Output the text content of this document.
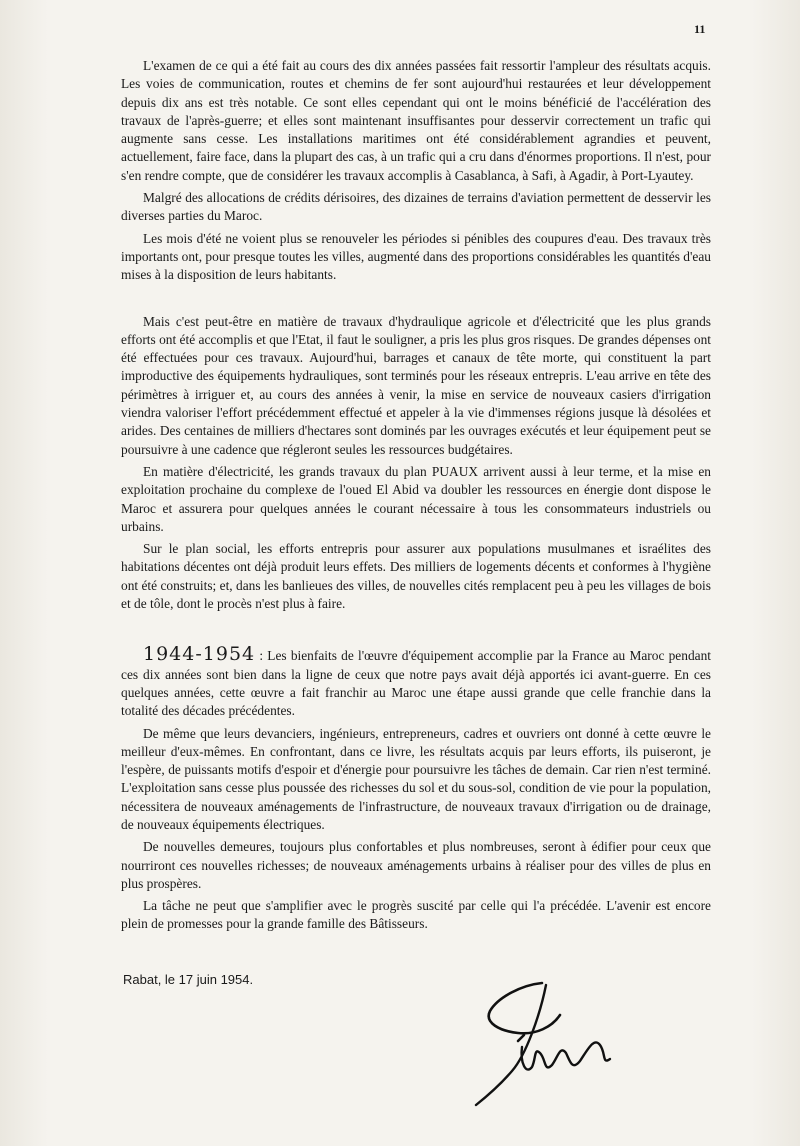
11

L'examen de ce qui a été fait au cours des dix années passées fait ressortir l'ampleur des résultats acquis. Les voies de communication, routes et chemins de fer sont aujourd'hui restaurées et leur développement depuis dix ans est très notable. Ce sont elles cependant qui ont le moins bénéficié de l'accélération des travaux de l'après-guerre; et elles sont maintenant insuffisantes pour desservir correctement un trafic qui augmente sans cesse. Les installations maritimes ont été considérablement agrandies et peuvent, actuellement, faire face, dans la plupart des cas, à un trafic qui a cru dans d'énormes proportions. Il n'est, pour s'en rendre compte, que de considérer les travaux accomplis à Casablanca, à Safi, à Agadir, à Port-Lyautey.

Malgré des allocations de crédits dérisoires, des dizaines de terrains d'aviation permettent de desservir les diverses parties du Maroc.

Les mois d'été ne voient plus se renouveler les périodes si pénibles des coupures d'eau. Des travaux très importants ont, pour presque toutes les villes, augmenté dans des proportions considérables les quantités d'eau mises à la disposition de leurs habitants.

Mais c'est peut-être en matière de travaux d'hydraulique agricole et d'électricité que les plus grands efforts ont été accomplis et que l'Etat, il faut le souligner, a pris les plus gros risques. De grandes dépenses ont été effectuées pour ces travaux. Aujourd'hui, barrages et canaux de tête morte, qui constituent la part improductive des équipements hydrauliques, sont terminés pour les réseaux entrepris. L'eau arrive en tête des périmètres à irriguer et, au cours des années à venir, la mise en service de nouveaux casiers d'irrigation viendra valoriser l'effort précédemment effectué et appeler à la vie d'immenses régions jusque là désolées et arides. Des centaines de milliers d'hectares sont dominés par les ouvrages exécutés et leur équipement peut se poursuivre à une cadence que régleront seules les ressources budgétaires.

En matière d'électricité, les grands travaux du plan PUAUX arrivent aussi à leur terme, et la mise en exploitation prochaine du complexe de l'oued El Abid va doubler les ressources en énergie dont dispose le Maroc et assurera pour quelques années le courant nécessaire à tous les consommateurs industriels ou urbains.

Sur le plan social, les efforts entrepris pour assurer aux populations musulmanes et israélites des habitations décentes ont déjà produit leurs effets. Des milliers de logements décents et conformes à l'hygiène ont été construits; et, dans les banlieues des villes, de nouvelles cités remplacent peu à peu les villages de bois et de tôle, dont le procès n'est plus à faire.

1944-1954 : Les bienfaits de l'œuvre d'équipement accomplie par la France au Maroc pendant ces dix années sont bien dans la ligne de ceux que notre pays avait déjà apportés ici avant-guerre. En ces quelques années, cette œuvre a fait franchir au Maroc une étape aussi grande que celle franchie dans la totalité des décades précédentes.

De même que leurs devanciers, ingénieurs, entrepreneurs, cadres et ouvriers ont donné à cette œuvre le meilleur d'eux-mêmes. En confrontant, dans ce livre, les résultats acquis par leurs efforts, ils puiseront, je l'espère, de puissants motifs d'espoir et d'énergie pour poursuivre les tâches de demain. Car rien n'est terminé. L'exploitation sans cesse plus poussée des richesses du sol et du sous-sol, condition de vie pour la population, nécessitera de nouveaux aménagements de l'infrastructure, de nouveaux travaux d'irrigation ou de drainage, de nouveaux équipements électriques.

De nouvelles demeures, toujours plus confortables et plus nombreuses, seront à édifier pour ceux que nourriront ces nouvelles richesses; de nouveaux aménagements urbains à réaliser pour des villes de plus en plus prospères.

La tâche ne peut que s'amplifier avec le progrès suscité par celle qui l'a précédée. L'avenir est encore plein de promesses pour la grande famille des Bâtisseurs.

Rabat, le 17 juin 1954.
